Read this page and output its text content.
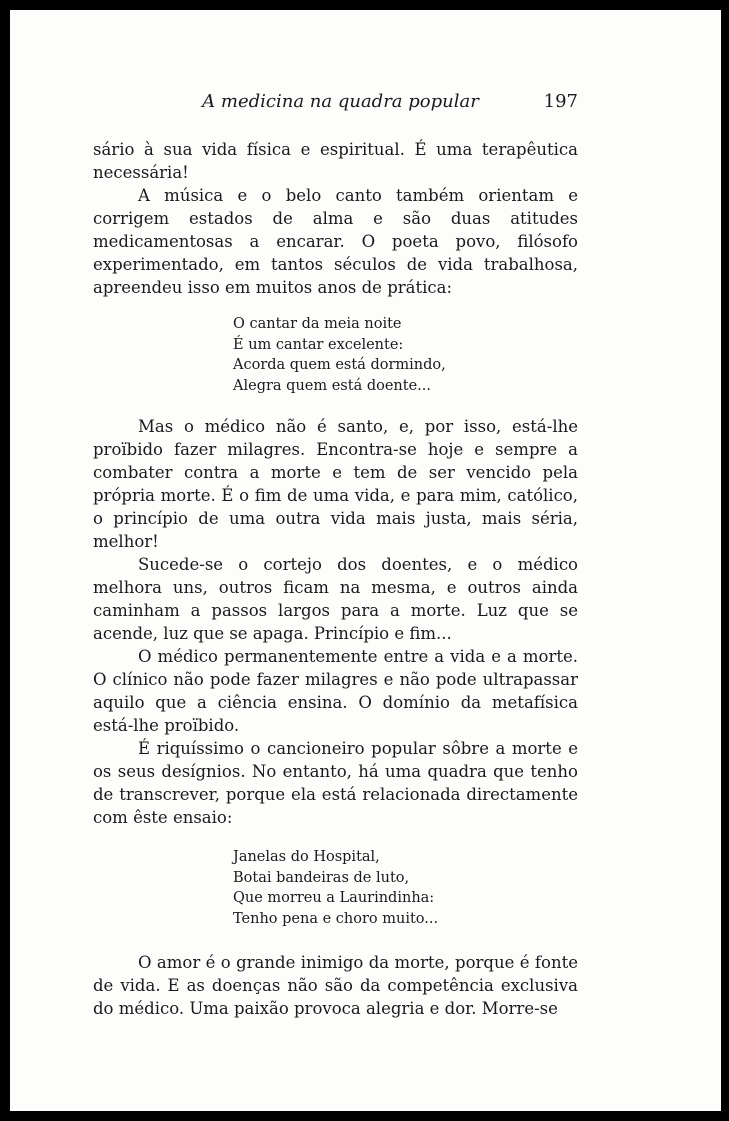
A medicina na quadra popular	197

sário à sua vida física e espiritual. É uma terapêutica necessária!

A música e o belo canto também orientam e corrigem estados de alma e são duas atitudes medicamentosas a encarar. O poeta povo, filósofo experimentado, em tantos séculos de vida trabalhosa, apreendeu isso em muitos anos de prática:

O cantar da meia noite
É um cantar excelente:
Acorda quem está dormindo,
Alegra quem está doente...

Mas o médico não é santo, e, por isso, está-lhe proïbido fazer milagres. Encontra-se hoje e sempre a combater contra a morte e tem de ser vencido pela própria morte. É o fim de uma vida, e para mim, católico, o princípio de uma outra vida mais justa, mais séria, melhor!

Sucede-se o cortejo dos doentes, e o médico melhora uns, outros ficam na mesma, e outros ainda caminham a passos largos para a morte. Luz que se acende, luz que se apaga. Princípio e fim...

O médico permanentemente entre a vida e a morte. O clínico não pode fazer milagres e não pode ultrapassar aquilo que a ciência ensina. O domínio da metafísica está-lhe proïbido.

É riquíssimo o cancioneiro popular sôbre a morte e os seus desígnios. No entanto, há uma quadra que tenho de transcrever, porque ela está relacionada directamente com êste ensaio:

Janelas do Hospital,
Botai bandeiras de luto,
Que morreu a Laurindinha:
Tenho pena e choro muito...

O amor é o grande inimigo da morte, porque é fonte de vida. E as doenças não são da competência exclusiva do médico. Uma paixão provoca alegria e dor. Morre-se
